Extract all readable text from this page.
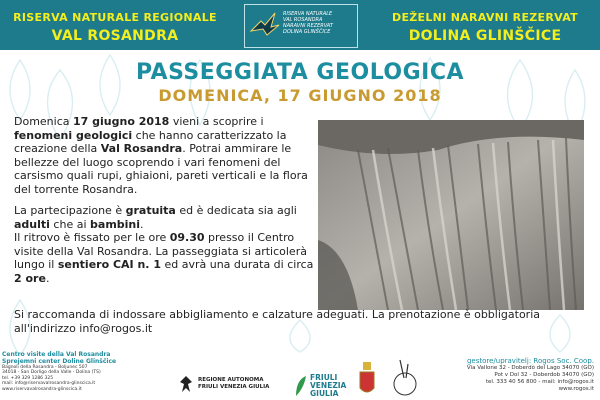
RISERVA NATURALE REGIONALE
VAL ROSANDRA
RISERVA NATURALE
VAL ROSANDRA
NARAVNI REZERVAT
DOLINA GLINŠČICE
DEŽELNI NARAVNI REZERVAT
DOLINA GLINŠČICE
PASSEGGIATA GEOLOGICA
DOMENICA, 17 GIUGNO 2018

Domenica 17 giugno 2018 vieni a scoprire i fenomeni geologici che hanno caratterizzato la creazione della Val Rosandra. Potrai ammirare le bellezze del luogo scoprendo i vari fenomeni del carsismo quali rupi, ghiaioni, pareti verticali e la flora del torrente Rosandra.

La partecipazione è gratuita ed è dedicata sia agli adulti che ai bambini.
Il ritrovo è fissato per le ore 09.30 presso il Centro visite della Val Rosandra. La passeggiata si articolerà lungo il sentiero CAI n. 1 ed avrà una durata di circa 2 ore.

Si raccomanda di indossare abbigliamento e calzature adeguati. La prenotazione è obbligatoria all'indirizzo info@rogos.it
Centro visite della Val Rosandra
Sprejemni center Doline Glinščice
Bagnoli della Rosandra - Boljunec 507
34018 - San Dorligo della Valle - Dolina (TS)
tel. +39 329 1286 325
mail: info@riservavalrosandra-glinscica.it
www.riservavalrosandra-glinscica.it
REGIONE AUTONOMA
FRIULI VENEZIA GIULIA
FRIULI
VENEZIA
GIULIA
gestore/upravitelj: Rogos Soc. Coop.
Via Vallone 32 - Doberdò del Lago 34070 (GO)
Pot v Dol 32 - Doberdob 34070 (GO)
tel. 333 40 56 800 - mail: info@rogos.it
www.rogos.it
